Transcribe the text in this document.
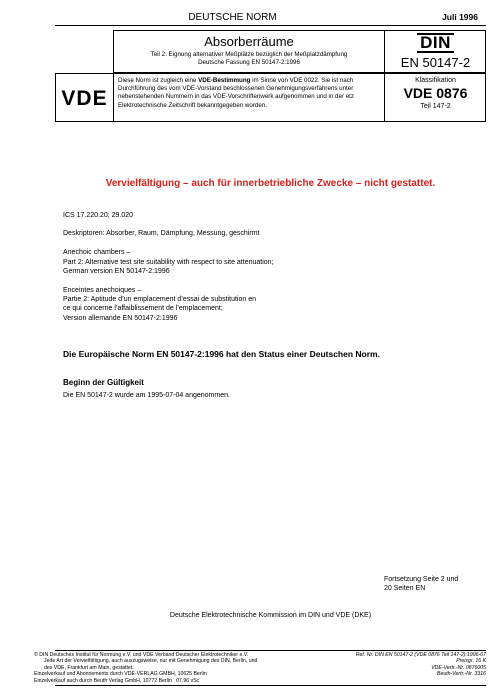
DEUTSCHE NORM	Juli 1996
Absorberräume
Teil 2: Eignung alternativer Meßplätze bezüglich der Meßplatzdämpfung
Deutsche Fassung EN 50147-2:1996
DIN
EN 50147-2
VDE
Diese Norm ist zugleich eine VDE-Bestimmung im Sinne von VDE 0022. Sie ist nach
Durchführung des vom VDE-Vorstand beschlossenen Genehmigungsverfahrens unter
nebenstehenden Nummern in das VDE-Vorschriftenwerk aufgenommen und in der etz
Elektrotechnische Zeitschrift bekanntgegeben worden.
Klassifikation
VDE 0876
Teil 147-2
Vervielfältigung – auch für innerbetriebliche Zwecke – nicht gestattet.
ICS 17.220.20; 29.020
Deskriptoren: Absorber, Raum, Dämpfung, Messung, geschirmt
Anechoic chambers –
Part 2: Alternative test site suitability with respect to site attenuation;
German version EN 50147-2:1996
Enceintes anechoiques –
Partie 2: Aptitude d’un emplacement d’essai de substitution en
ce qui concerne l’affaiblissement de l’emplacement;
Version allemande EN 50147-2:1996
Die Europäische Norm EN 50147-2:1996 hat den Status einer Deutschen Norm.
Beginn der Gültigkeit
Die EN 50147-2 wurde am 1995-07-04 angenommen.
Fortsetzung Seite 2 und
20 Seiten EN
Deutsche Elektrotechnische Kommission im DIN und VDE (DKE)
© DIN Deutsches Institut für Normung e.V. und VDE Verband Deutscher Elektrotechniker e.V.
Jede Art der Vervielfältigung, auch auszugsweise, nur mit Genehmigung des DIN, Berlin, und
des VDE, Frankfurt am Main, gestattet.
Einzelverkauf und Abonnements durch VDE-VERLAG GMBH, 10625 Berlin
Einzelverkauf auch durch Beuth Verlag GmbH, 10772 Berlin 07.96 vSc
Ref. Nr. DIN EN 50147-2 (VDE 0876 Teil 147-2):1996-07
Preisgr. 16 K
VDE-Vertr.-Nr. 0876005
Beuth-Vertr.-Nr. 3316
